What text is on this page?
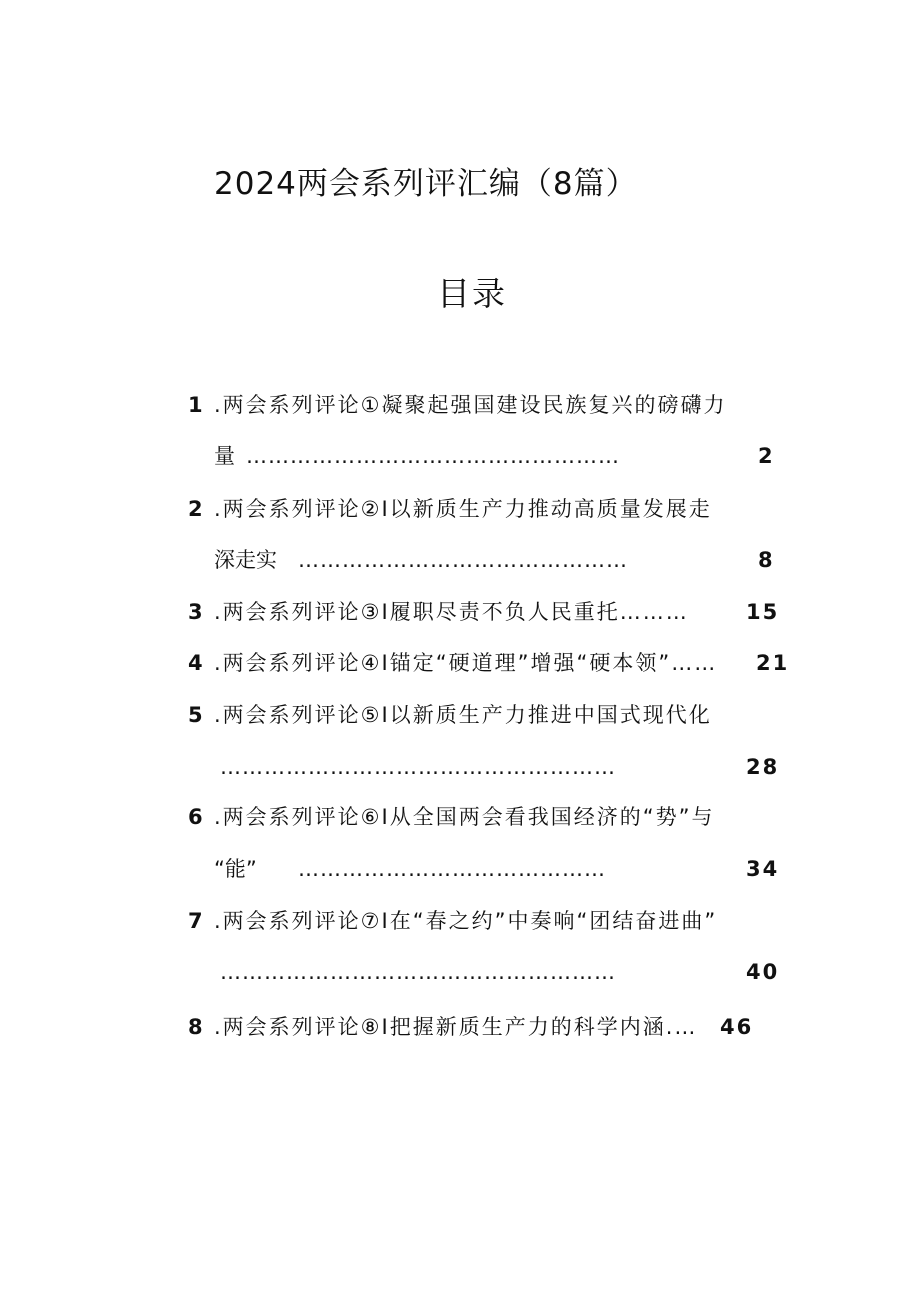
2024两会系列评汇编（8篇）
目录
1 .两会系列评论①凝聚起强国建设民族复兴的磅礴力
量 ……………………………………………	2
2 .两会系列评论②I以新质生产力推动高质量发展走
深走实 ………………………………………	8
3 .两会系列评论③I履职尽责不负人民重托………	15
4 .两会系列评论④I锚定“硬道理”增强“硬本领”…… 21
5 .两会系列评论⑤I以新质生产力推进中国式现代化
………………………………………………	28
6 .两会系列评论⑥I从全国两会看我国经济的“势”与
“能” ……………………………………	34
7 .两会系列评论⑦I在“春之约”中奏响“团结奋进曲”
………………………………………………	40
8 .两会系列评论⑧I把握新质生产力的科学内涵.… 46
